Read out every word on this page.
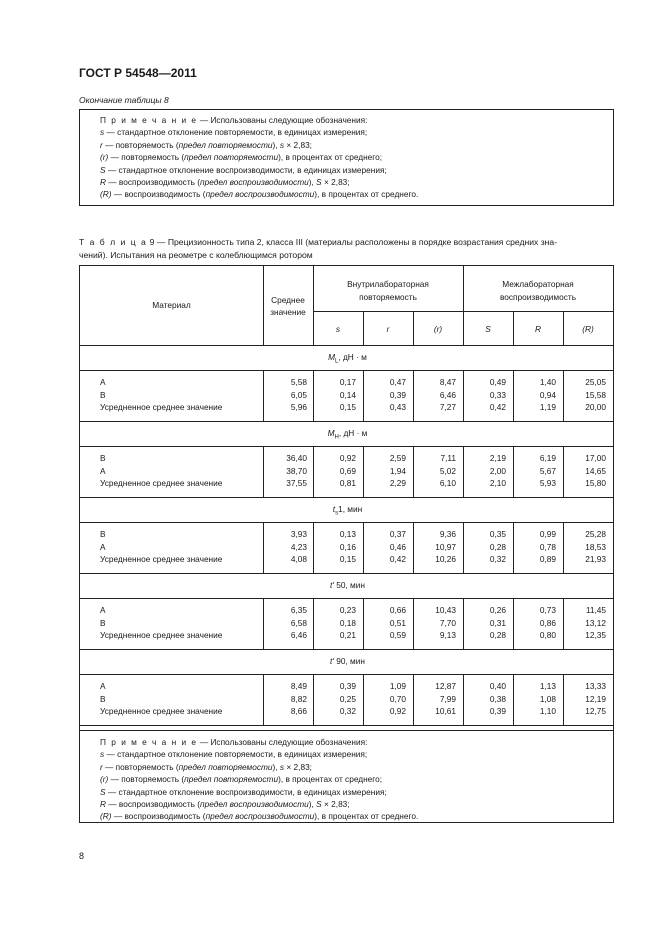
ГОСТ Р 54548—2011
Окончание таблицы 8
П р и м е ч а н и е — Использованы следующие обозначения:
s — стандартное отклонение повторяемости, в единицах измерения;
r — повторяемость (предел повторяемости), s × 2,83;
(r) — повторяемость (предел повторяемости), в процентах от среднего;
S — стандартное отклонение воспроизводимости, в единицах измерения;
R — воспроизводимость (предел воспроизводимости), S × 2,83;
(R) — воспроизводимость (предел воспроизводимости), в процентах от среднего.
Т а б л и ц а 9 — Прецизионность типа 2, класса III (материалы расположены в порядке возрастания средних зна-
чений). Испытания на реометре с колеблющимся ротором
Материал	Среднее
значение
Внутрилабораторная
повторяемость
Межлабораторная
воспроизводимость
s	r	(r)	S	R	(R)
$M_L$, дН · м
A	5,58	0,17	0,47	8,47	0,49	1,40	25,05
B	6,05	0,14	0,39	6,46	0,33	0,94	15,58
Усредненное среднее значение	5,96	0,15	0,43	7,27	0,42	1,19	20,00
$M_H$, дН · м
B	36,40	0,92	2,59	7,11	2,19	6,19	17,00
A	38,70	0,69	1,94	5,02	2,00	5,67	14,65
Усредненное среднее значение	37,55	0,81	2,29	6,10	2,10	5,93	15,80
$t_s1$, мин
B	3,93	0,13	0,37	9,36	0,35	0,99	25,28
A	4,23	0,16	0,46	10,97	0,28	0,78	18,53
Усредненное среднее значение	4,08	0,15	0,42	10,26	0,32	0,89	21,93
t' 50, мин
A	6,35	0,23	0,66	10,43	0,26	0,73	11,45
B	6,58	0,18	0,51	7,70	0,31	0,86	13,12
Усредненное среднее значение	6,46	0,21	0,59	9,13	0,28	0,80	12,35
t' 90, мин
A	8,49	0,39	1,09	12,87	0,40	1,13	13,33
B	8,82	0,25	0,70	7,99	0,38	1,08	12,19
Усредненное среднее значение	8,66	0,32	0,92	10,61	0,39	1,10	12,75
П р и м е ч а н и е — Использованы следующие обозначения:
s — стандартное отклонение повторяемости, в единицах измерения;
r — повторяемость (предел повторяемости), s × 2,83;
(r) — повторяемость (предел повторяемости), в процентах от среднего;
S — стандартное отклонение воспроизводимости, в единицах измерения;
R — воспроизводимость (предел воспроизводимости), S × 2,83;
(R) — воспроизводимость (предел воспроизводимости), в процентах от среднего.
8
